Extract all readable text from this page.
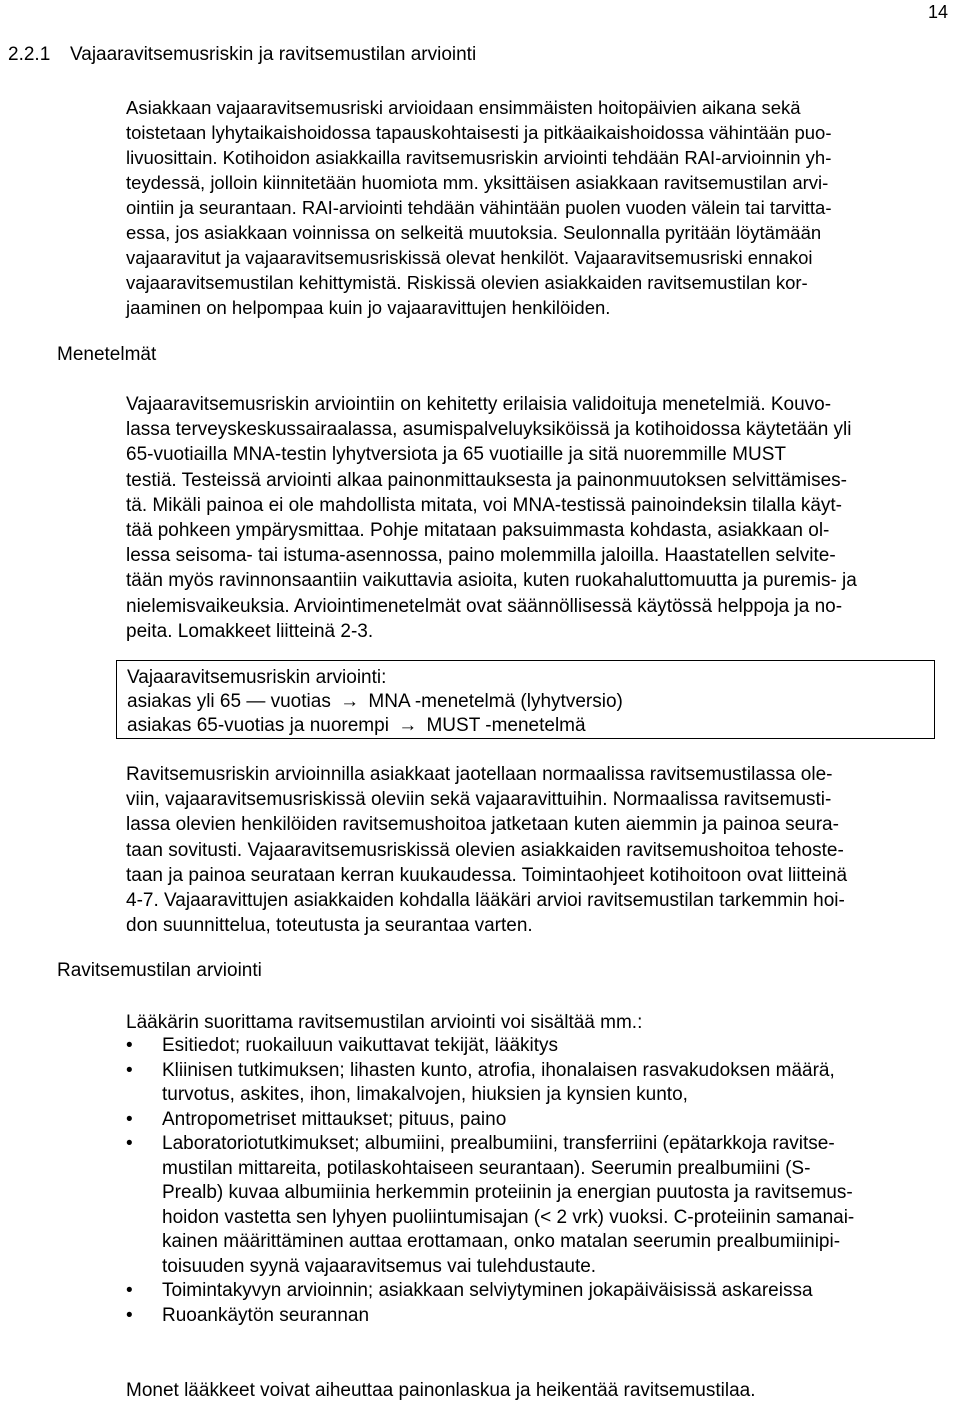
14
2.2.1 Vajaaravitsemusriskin ja ravitsemustilan arviointi
Asiakkaan vajaaravitsemusriski arvioidaan ensimmäisten hoitopäivien aikana sekä
toistetaan lyhytaikaishoidossa tapauskohtaisesti ja pitkäaikaishoidossa vähintään puo-
livuosittain. Kotihoidon asiakkailla ravitsemusriskin arviointi tehdään RAI-arvioinnin yh-
teydessä, jolloin kiinnitetään huomiota mm. yksittäisen asiakkaan ravitsemustilan arvi-
ointiin ja seurantaan. RAI-arviointi tehdään vähintään puolen vuoden välein tai tarvitta-
essa, jos asiakkaan voinnissa on selkeitä muutoksia. Seulonnalla pyritään löytämään
vajaaravitut ja vajaaravitsemusriskissä olevat henkilöt. Vajaaravitsemusriski ennakoi
vajaaravitsemustilan kehittymistä. Riskissä olevien asiakkaiden ravitsemustilan kor-
jaaminen on helpompaa kuin jo vajaaravittujen henkilöiden.
Menetelmät
Vajaaravitsemusriskin arviointiin on kehitetty erilaisia validoituja menetelmiä. Kouvo-
lassa terveyskeskussairaalassa, asumispalveluyksiköissä ja kotihoidossa käytetään yli
65-vuotiailla MNA-testin lyhytversiota ja 65 vuotiaille ja sitä nuoremmille MUST
testiä. Testeissä arviointi alkaa painonmittauksesta ja painonmuutoksen selvittämises-
tä. Mikäli painoa ei ole mahdollista mitata, voi MNA-testissä painoindeksin tilalla käyt-
tää pohkeen ympärysmittaa. Pohje mitataan paksuimmasta kohdasta, asiakkaan ol-
lessa seisoma- tai istuma-asennossa, paino molemmilla jaloilla. Haastatellen selvite-
tään myös ravinnonsaantiin vaikuttavia asioita, kuten ruokahaluttomuutta ja puremis- ja
nielemisvaikeuksia. Arviointimenetelmät ovat säännöllisessä käytössä helppoja ja no-
peita. Lomakkeet liitteinä 2-3.
Vajaaravitsemusriskin arviointi:
asiakas yli 65 — vuotias → MNA -menetelmä (lyhytversio)
asiakas 65-vuotias ja nuorempi → MUST -menetelmä
Ravitsemusriskin arvioinnilla asiakkaat jaotellaan normaalissa ravitsemustilassa ole-
viin, vajaaravitsemusriskissä oleviin sekä vajaaravittuihin. Normaalissa ravitsemusti-
lassa olevien henkilöiden ravitsemushoitoa jatketaan kuten aiemmin ja painoa seura-
taan sovitusti. Vajaaravitsemusriskissä olevien asiakkaiden ravitsemushoitoa tehoste-
taan ja painoa seurataan kerran kuukaudessa. Toimintaohjeet kotihoitoon ovat liitteinä
4-7. Vajaaravittujen asiakkaiden kohdalla lääkäri arvioi ravitsemustilan tarkemmin hoi-
don suunnittelua, toteutusta ja seurantaa varten.
Ravitsemustilan arviointi
Lääkärin suorittama ravitsemustilan arviointi voi sisältää mm.:
• Esitiedot; ruokailuun vaikuttavat tekijät, lääkitys
• Kliinisen tutkimuksen; lihasten kunto, atrofia, ihonalaisen rasvakudoksen määrä,
turvotus, askites, ihon, limakalvojen, hiuksien ja kynsien kunto,
• Antropometriset mittaukset; pituus, paino
• Laboratoriotutkimukset; albumiini, prealbumiini, transferriini (epätarkkoja ravitse-
mustilan mittareita, potilaskohtaiseen seurantaan). Seerumin prealbumiini (S-
Prealb) kuvaa albumiinia herkemmin proteiinin ja energian puutosta ja ravitsemus-
hoidon vastetta sen lyhyen puoliintumisajan (< 2 vrk) vuoksi. C-proteiinin samanai-
kainen määrittäminen auttaa erottamaan, onko matalan seerumin prealbumiinipi-
toisuuden syynä vajaaravitsemus vai tulehdustaute.
• Toimintakyvyn arvioinnin; asiakkaan selviytyminen jokapäiväisissä askareissa
• Ruoankäytön seurannan
Monet lääkkeet voivat aiheuttaa painonlaskua ja heikentää ravitsemustilaa.
